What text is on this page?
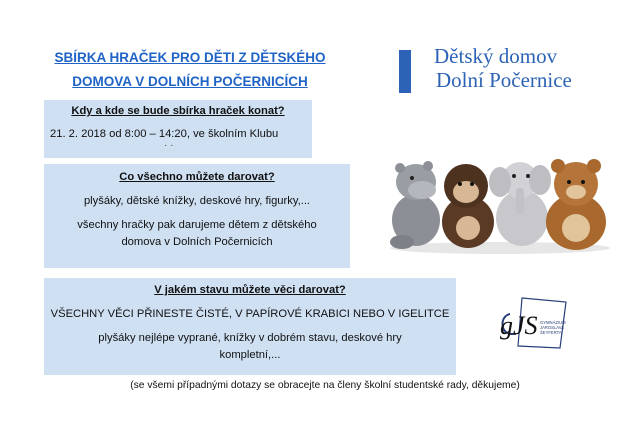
SBÍRKA HRAČEK PRO DĚTI Z DĚTSKÉHO
DOMOVA V DOLNÍCH POČERNICÍCH
Dětský domov
Dolní Počernice
Kdy a kde se bude sbírka hraček konat?

21. 2. 2018 od 8:00 – 14:20, ve školním Klubu

· ·
Co všechno můžete darovat?

plyšáky, dětské knížky, deskové hry, figurky,...

všechny hračky pak darujeme dětem z dětského

domova v Dolních Počernicích

V jakém stavu můžete věci darovat?

VŠECHNY VĚCI PŘINESTE ČISTÉ, V PAPÍROVÉ KRABICI NEBO V IGELITCE

plyšáky nejlépe vyprané, knížky v dobrém stavu, deskové hry

kompletní,...

gJS GYMNÁZIUM
JAROSLAVA
ŠEYFERTA
(se všemi případnými dotazy se obracejte na členy školní studentské rady, děkujeme)
